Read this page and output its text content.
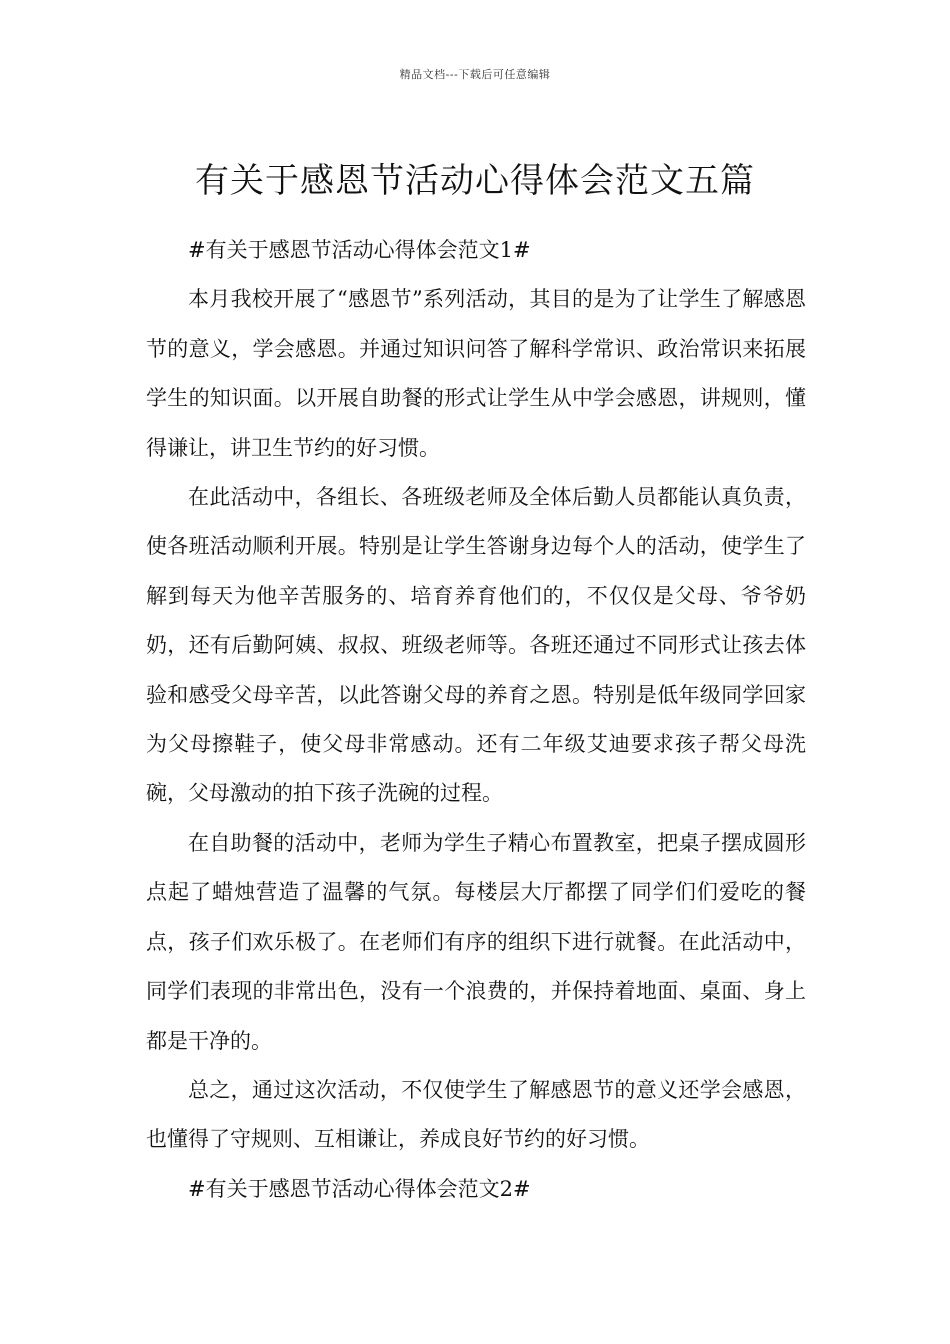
精品文档---下载后可任意编辑
有关于感恩节活动心得体会范文五篇

#有关于感恩节活动心得体会范文1#

本月我校开展了“感恩节”系列活动，其目的是为了让学生了解感恩节的意义，学会感恩。并通过知识问答了解科学常识、政治常识来拓展学生的知识面。以开展自助餐的形式让学生从中学会感恩，讲规则，懂得谦让，讲卫生节约的好习惯。

在此活动中，各组长、各班级老师及全体后勤人员都能认真负责，使各班活动顺利开展。特别是让学生答谢身边每个人的活动，使学生了解到每天为他辛苦服务的、培育养育他们的，不仅仅是父母、爷爷奶奶，还有后勤阿姨、叔叔、班级老师等。各班还通过不同形式让孩去体验和感受父母辛苦，以此答谢父母的养育之恩。特别是低年级同学回家为父母擦鞋子，使父母非常感动。还有二年级艾迪要求孩子帮父母洗碗，父母激动的拍下孩子洗碗的过程。

在自助餐的活动中，老师为学生子精心布置教室，把桌子摆成圆形点起了蜡烛营造了温馨的气氛。每楼层大厅都摆了同学们们爱吃的餐点，孩子们欢乐极了。在老师们有序的组织下进行就餐。在此活动中，同学们表现的非常出色，没有一个浪费的，并保持着地面、桌面、身上都是干净的。

总之，通过这次活动，不仅使学生了解感恩节的意义还学会感恩，也懂得了守规则、互相谦让，养成良好节约的好习惯。

#有关于感恩节活动心得体会范文2#
